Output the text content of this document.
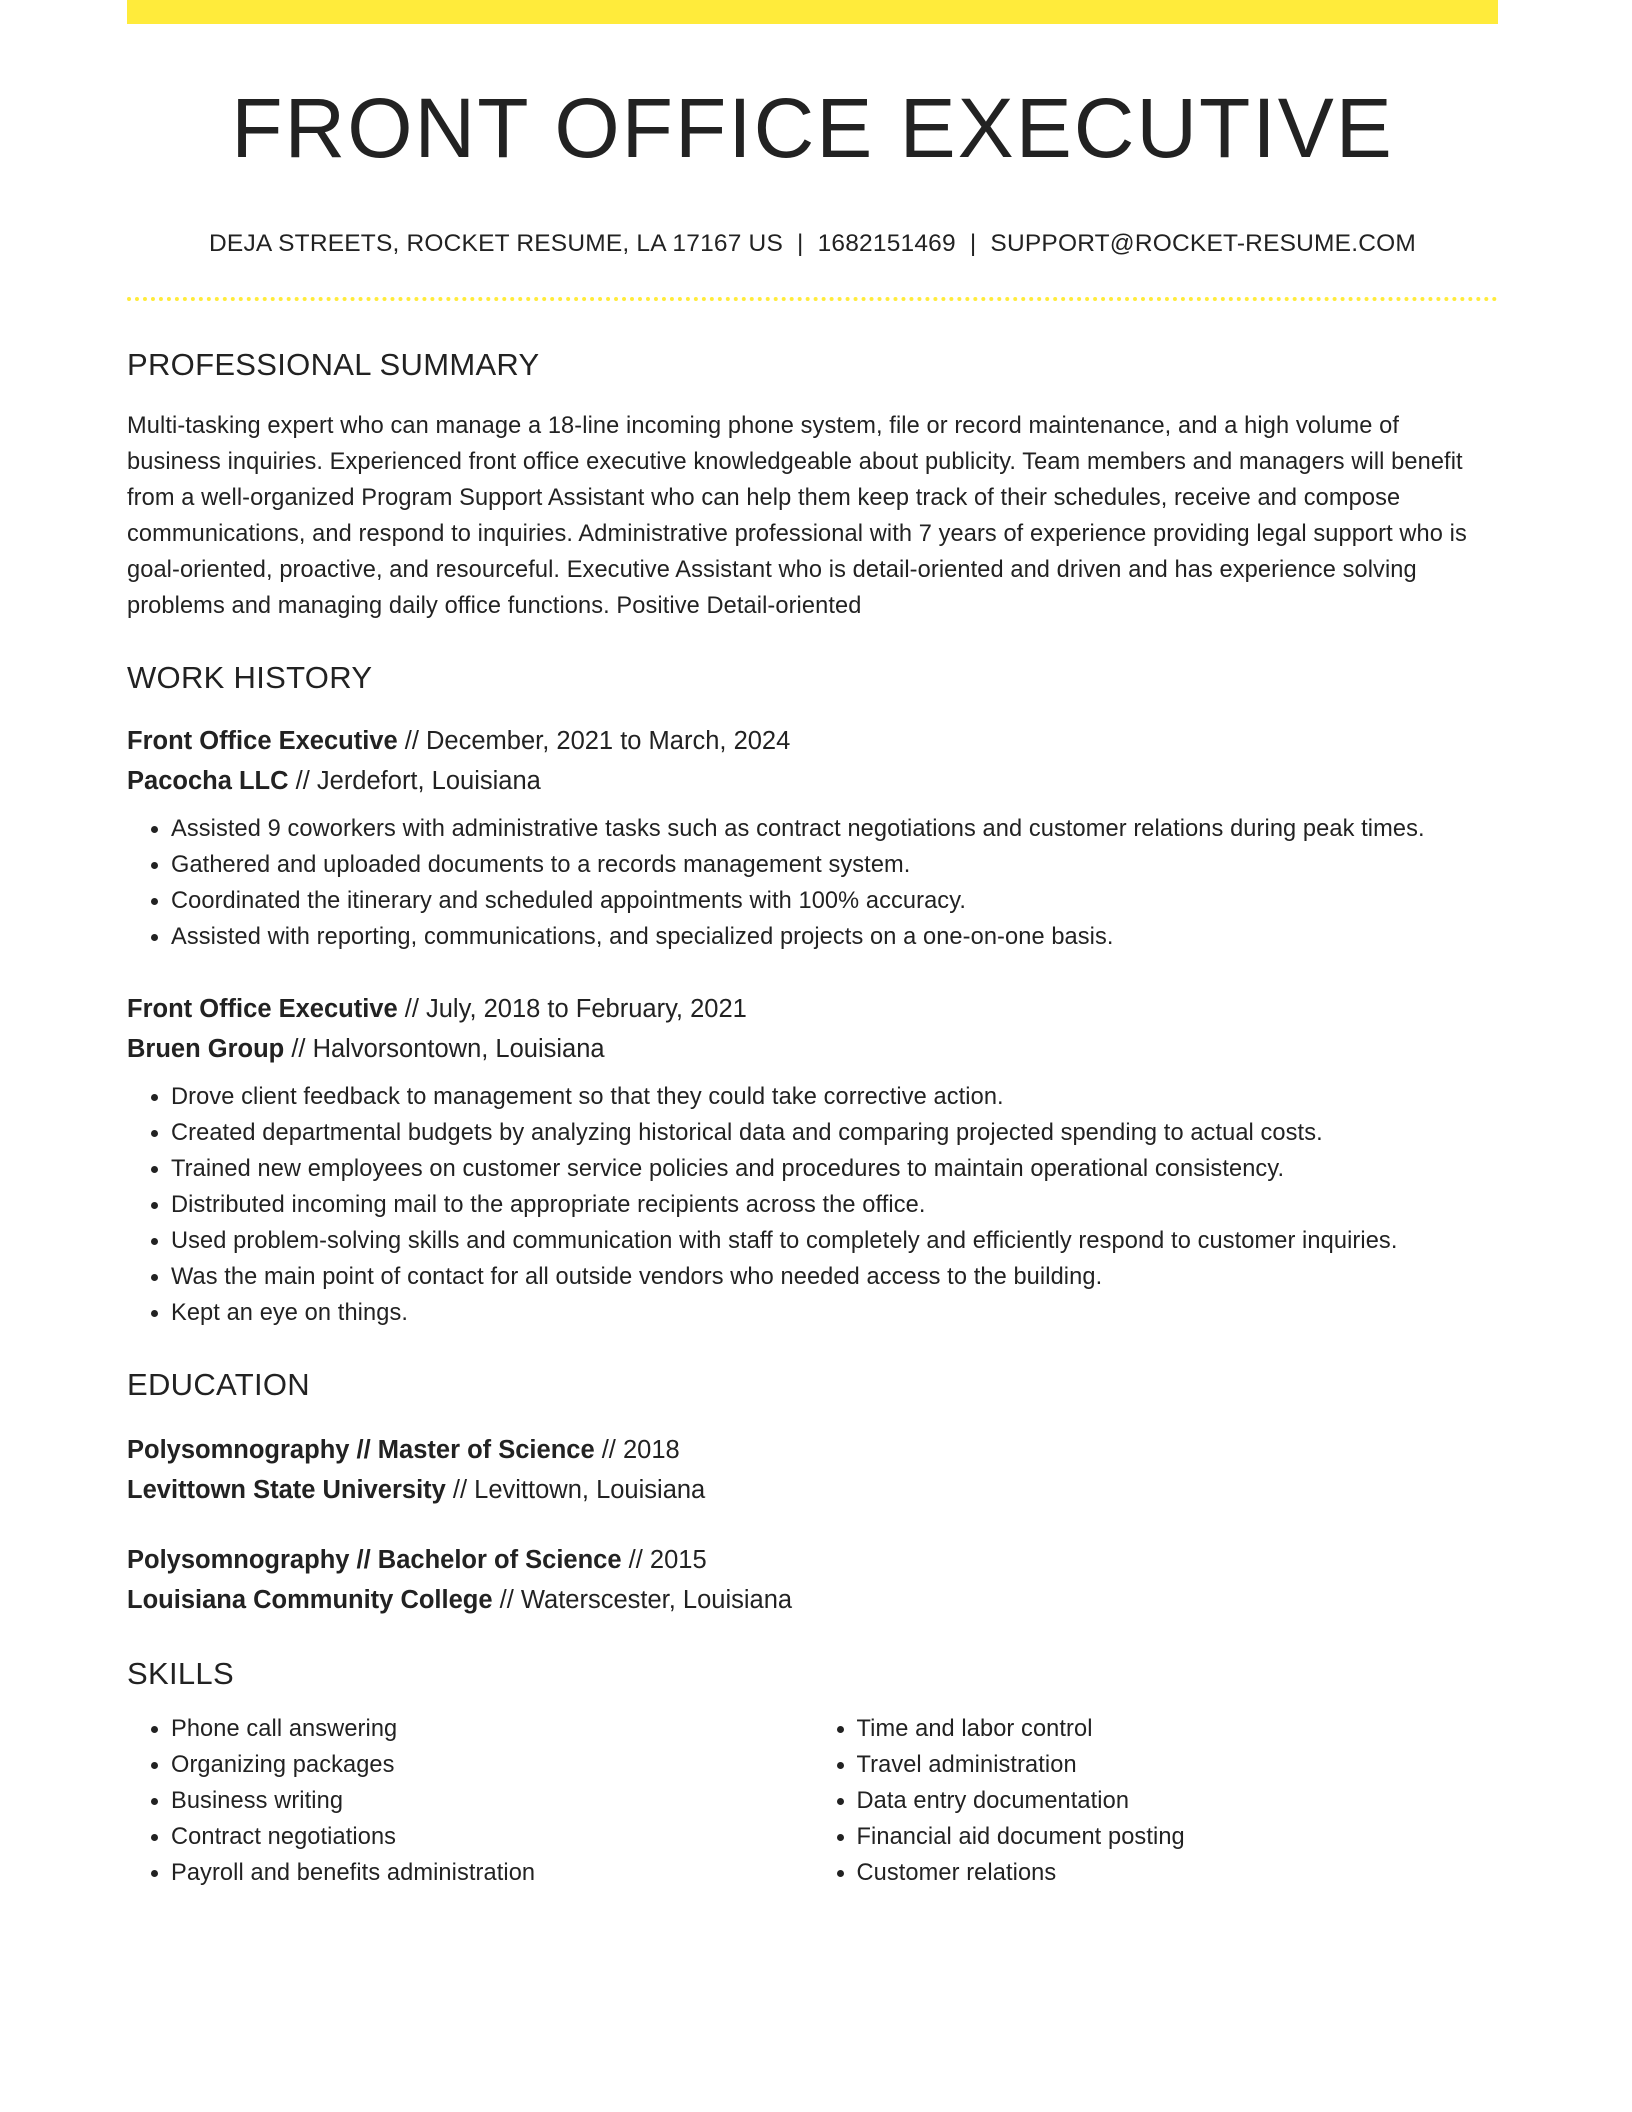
FRONT OFFICE EXECUTIVE
DEJA STREETS, ROCKET RESUME, LA 17167 US | 1682151469 | SUPPORT@ROCKET-RESUME.COM
PROFESSIONAL SUMMARY

Multi-tasking expert who can manage a 18-line incoming phone system, file or record maintenance, and a high volume of business inquiries. Experienced front office executive knowledgeable about publicity. Team members and managers will benefit from a well-organized Program Support Assistant who can help them keep track of their schedules, receive and compose communications, and respond to inquiries. Administrative professional with 7 years of experience providing legal support who is goal-oriented, proactive, and resourceful. Executive Assistant who is detail-oriented and driven and has experience solving problems and managing daily office functions. Positive Detail-oriented

WORK HISTORY
Front Office Executive // December, 2021 to March, 2024
Pacocha LLC // Jerdefort, Louisiana
• Assisted 9 coworkers with administrative tasks such as contract negotiations and customer relations during peak times.
• Gathered and uploaded documents to a records management system.
• Coordinated the itinerary and scheduled appointments with 100% accuracy.
• Assisted with reporting, communications, and specialized projects on a one-on-one basis.
Front Office Executive // July, 2018 to February, 2021
Bruen Group // Halvorsontown, Louisiana
• Drove client feedback to management so that they could take corrective action.
• Created departmental budgets by analyzing historical data and comparing projected spending to actual costs.
• Trained new employees on customer service policies and procedures to maintain operational consistency.
• Distributed incoming mail to the appropriate recipients across the office.
• Used problem-solving skills and communication with staff to completely and efficiently respond to customer inquiries.
• Was the main point of contact for all outside vendors who needed access to the building.
• Kept an eye on things.
EDUCATION
Polysomnography // Master of Science // 2018
Levittown State University // Levittown, Louisiana
Polysomnography // Bachelor of Science // 2015
Louisiana Community College // Waterscester, Louisiana
SKILLS
• Phone call answering
• Organizing packages
• Business writing
• Contract negotiations
• Payroll and benefits administration
• Time and labor control
• Travel administration
• Data entry documentation
• Financial aid document posting
• Customer relations
